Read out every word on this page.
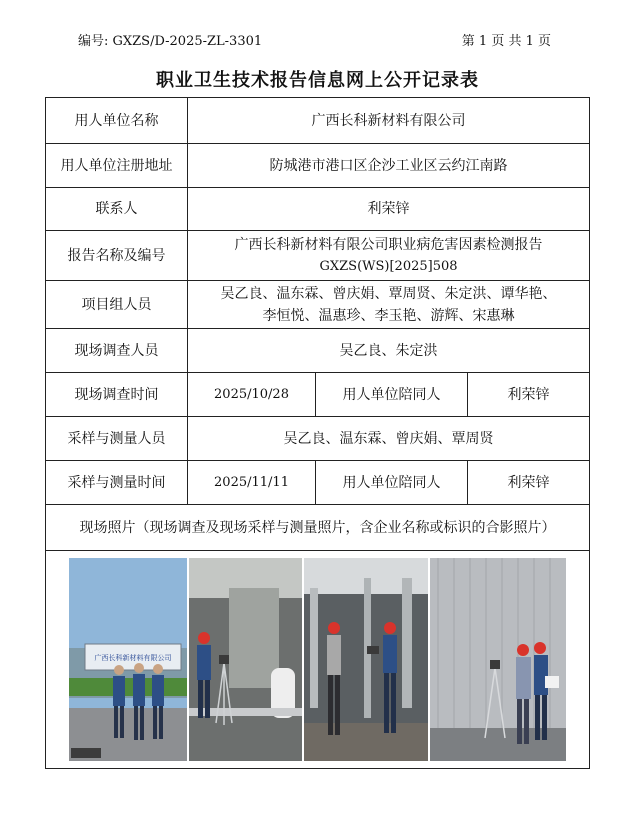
编号: GXZS/D-2025-ZL-3301	第 1 页 共 1 页
职业卫生技术报告信息网上公开记录表
用人单位名称	广西长科新材料有限公司		
用人单位注册地址	防城港市港口区企沙工业区云约江南路		
联系人	利荣锌		
报告名称及编号	广西长科新材料有限公司职业病危害因素检测报告
GXZS(WS)[2025]508		

项目组人员	吴乙良、温东霖、曾庆娟、覃周贤、朱定洪、谭华艳、
李恒悦、温惠珍、李玉艳、游辉、宋惠琳		

现场调查人员	吴乙良、朱定洪		
现场调查时间	2025/10/28	用人单位陪同人	利荣锌
采样与测量人员	吴乙良、温东霖、曾庆娟、覃周贤		
采样与测量时间	2025/11/11	用人单位陪同人	利荣锌
现场照片（现场调查及现场采样与测量照片，含企业名称或标识的合影照片）			

广西长科新材料有限公司			
